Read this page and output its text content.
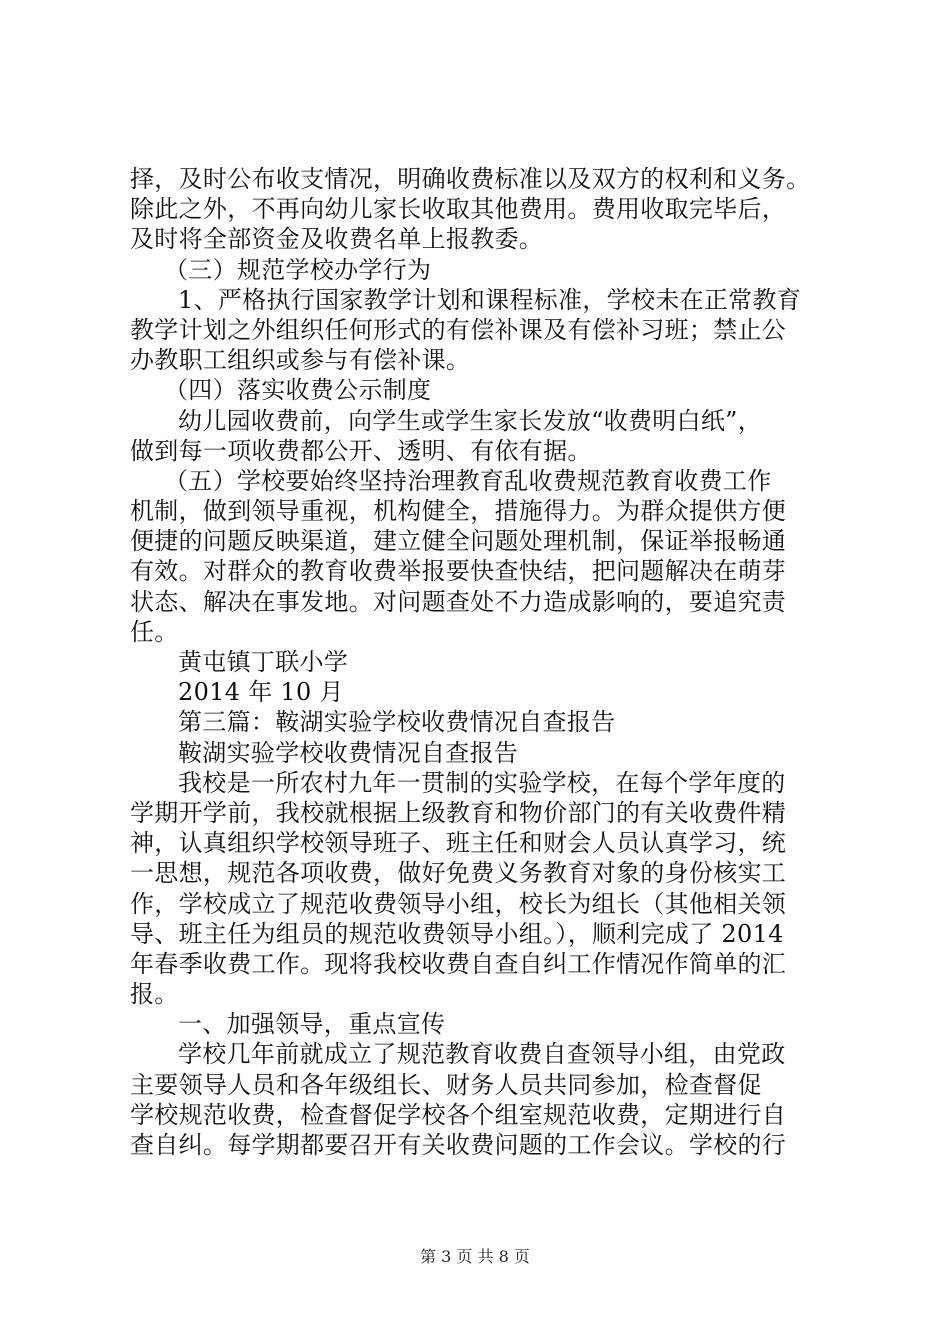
择，及时公布收支情况，明确收费标准以及双方的权利和义务。
除此之外，不再向幼儿家长收取其他费用。费用收取完毕后，
及时将全部资金及收费名单上报教委。
（三）规范学校办学行为
1、严格执行国家教学计划和课程标准，学校未在正常教育
教学计划之外组织任何形式的有偿补课及有偿补习班；禁止公
办教职工组织或参与有偿补课。
（四）落实收费公示制度
幼儿园收费前，向学生或学生家长发放“收费明白纸”，
做到每一项收费都公开、透明、有依有据。
（五）学校要始终坚持治理教育乱收费规范教育收费工作
机制，做到领导重视，机构健全，措施得力。为群众提供方便
便捷的问题反映渠道，建立健全问题处理机制，保证举报畅通
有效。对群众的教育收费举报要快查快结，把问题解决在萌芽
状态、解决在事发地。对问题查处不力造成影响的，要追究责
任。
黄屯镇丁联小学
2014 年 10 月
第三篇：鞍湖实验学校收费情况自查报告
鞍湖实验学校收费情况自查报告
我校是一所农村九年一贯制的实验学校，在每个学年度的
学期开学前，我校就根据上级教育和物价部门的有关收费件精
神，认真组织学校领导班子、班主任和财会人员认真学习，统
一思想，规范各项收费，做好免费义务教育对象的身份核实工
作，学校成立了规范收费领导小组，校长为组长（其他相关领
导、班主任为组员的规范收费领导小组。），顺利完成了 2014
年春季收费工作。现将我校收费自查自纠工作情况作简单的汇
报。
一、加强领导，重点宣传
学校几年前就成立了规范教育收费自查领导小组，由党政
主要领导人员和各年级组长、财务人员共同参加，检查督促
学校规范收费，检查督促学校各个组室规范收费，定期进行自
查自纠。每学期都要召开有关收费问题的工作会议。学校的行
第 3 页 共 8 页
